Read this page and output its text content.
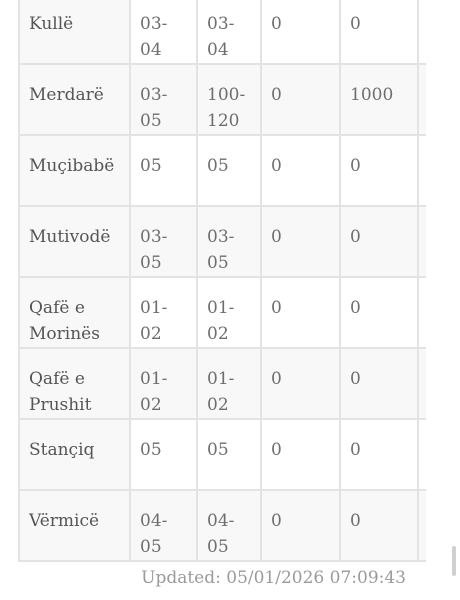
Kullë	03-04	03-04	0	0	
Merdarë	03-05	100-120	0	1000	
Muçibabë	05	05	0	0	
Mutivodë	03-05	03-05	0	0	
Qafë e Morinës	01-02	01-02	0	0	
Qafë e Prushit	01-02	01-02	0	0	
Stançiq	05	05	0	0	
Vërmicë	04-05	04-05	0	0	
Updated: 05/01/2026 07:09:43
